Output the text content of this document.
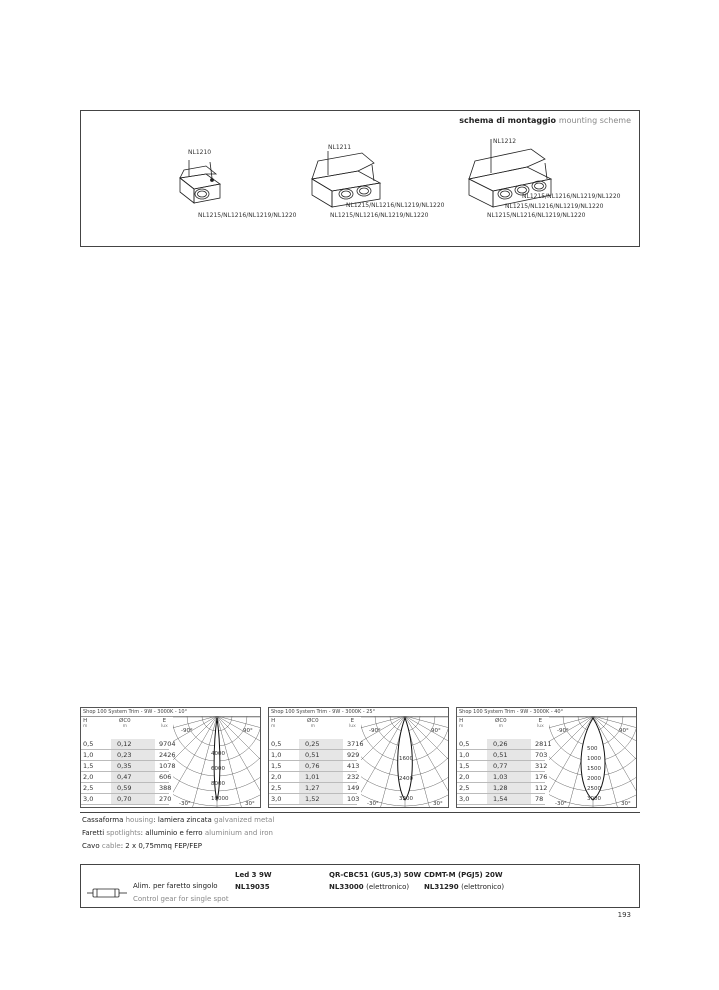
schema di montaggio mounting scheme
NL1210
NL1215/NL1216/NL1219/NL1220
NL1211
NL1215/NL1216/NL1219/NL1220
NL1215/NL1216/NL1219/NL1220
NL1212
NL1215/NL1216/NL1219/NL1220
NL1215/NL1216/NL1219/NL1220
NL1215/NL1216/NL1219/NL1220
Shop 100 System Trim - 9W - 3000K - 10°
H
m
ØC0
m
E
lux
0,5	0,12	9704
1,0	0,23	2426
1,5	0,35	1078
2,0	0,47	606
2,5	0,59	388
3,0	0,70	270
-90°	90°
-30°	30°
4000
6000
8000
10000
Shop 100 System Trim - 9W - 3000K - 25°
H
m
ØC0
m
E
lux
0,5	0,25	3716
1,0	0,51	929
1,5	0,76	413
2,0	1,01	232
2,5	1,27	149
3,0	1,52	103
-90°	90°
-30°	30°
1600
2400
3200
Shop 100 System Trim - 9W - 3000K - 40°
H
m
ØC0
m
E
lux
0,5	0,26	2811
1,0	0,51	703
1,5	0,77	312
2,0	1,03	176
2,5	1,28	112
3,0	1,54	78
-90°	90°
-30°	30°
500
1000
1500
2000
2500
3000
Cassaforma housing: lamiera zincata galvanized metal
Faretti spotlights: alluminio e ferro aluminium and iron
Cavo cable: 2 x 0,75mmq FEP/FEP
Alim. per faretto singolo
Control gear for single spot
Led 3 9W
NL19035
QR-CBC51 (GU5,3) 50W
NL33000 (elettronico)
CDMT-M (PGJ5) 20W
NL31290 (elettronico)
193
